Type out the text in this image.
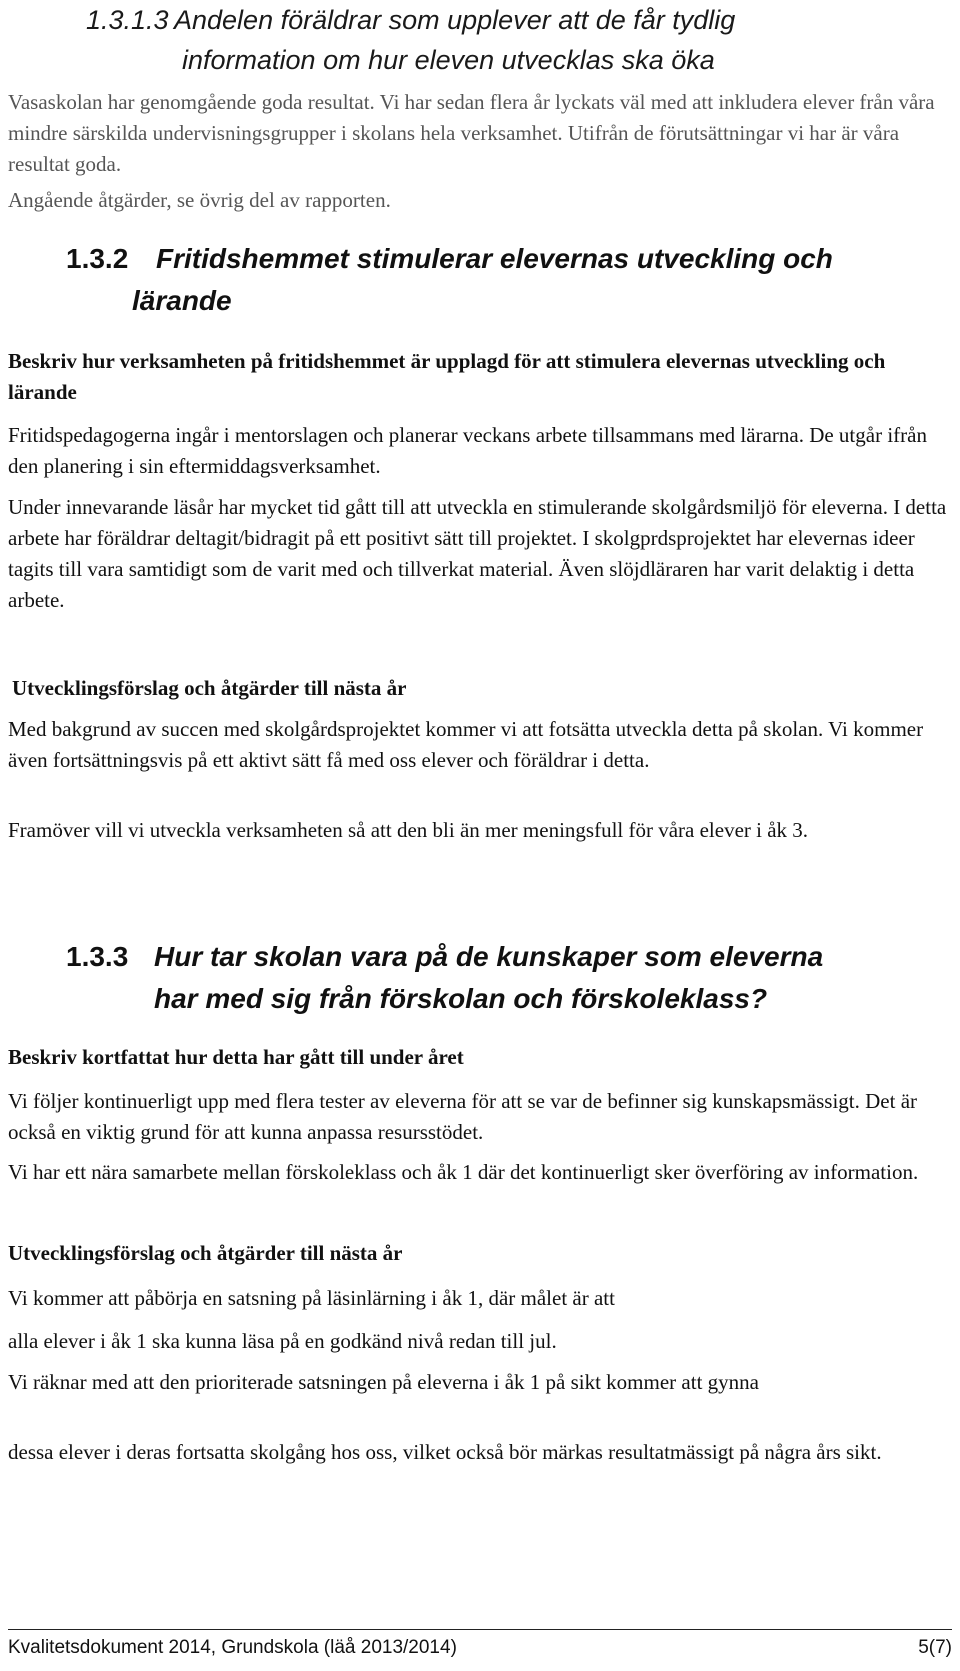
1.3.1.3 Andelen föräldrar som upplever att de får tydlig
information om hur eleven utvecklas ska öka

Vasaskolan har genomgående goda resultat. Vi har sedan flera år lyckats väl med att inkludera elever från våra mindre särskilda undervisningsgrupper i skolans hela verksamhet. Utifrån de förutsättningar vi har är våra resultat goda.

Angående åtgärder, se övrig del av rapporten.

1.3.2 Fritidshemmet stimulerar elevernas utveckling och
lärande

Beskriv hur verksamheten på fritidshemmet är upplagd för att stimulera elevernas utveckling och lärande

Fritidspedagogerna ingår i mentorslagen och planerar veckans arbete tillsammans med lärarna. De utgår ifrån den planering i sin eftermiddagsverksamhet.

Under innevarande läsår har mycket tid gått till att utveckla en stimulerande skolgårdsmiljö för eleverna. I detta arbete har föräldrar deltagit/bidragit på ett positivt sätt till projektet. I skolgprdsprojektet har elevernas ideer tagits till vara samtidigt som de varit med och tillverkat material. Även slöjdläraren har varit delaktig i detta arbete.

Utvecklingsförslag och åtgärder till nästa år

Med bakgrund av succen med skolgårdsprojektet kommer vi att fotsätta utveckla detta på skolan. Vi kommer även fortsättningsvis på ett aktivt sätt få med oss elever och föräldrar i detta.

Framöver vill vi utveckla verksamheten så att den bli än mer meningsfull för våra elever i åk 3.

1.3.3 Hur tar skolan vara på de kunskaper som eleverna
har med sig från förskolan och förskoleklass?

Beskriv kortfattat hur detta har gått till under året

Vi följer kontinuerligt upp med flera tester av eleverna för att se var de befinner sig kunskapsmässigt. Det är också en viktig grund för att kunna anpassa resursstödet.

Vi har ett nära samarbete mellan förskoleklass och åk 1 där det kontinuerligt sker överföring av information.

Utvecklingsförslag och åtgärder till nästa år

Vi kommer att påbörja en satsning på läsinlärning i åk 1, där målet är att

alla elever i åk 1 ska kunna läsa på en godkänd nivå redan till jul.

Vi räknar med att den prioriterade satsningen på eleverna i åk 1 på sikt kommer att gynna

dessa elever i deras fortsatta skolgång hos oss, vilket också bör märkas resultatmässigt på några års sikt.

Kvalitetsdokument 2014, Grundskola (läå 2013/2014)	5(7)
